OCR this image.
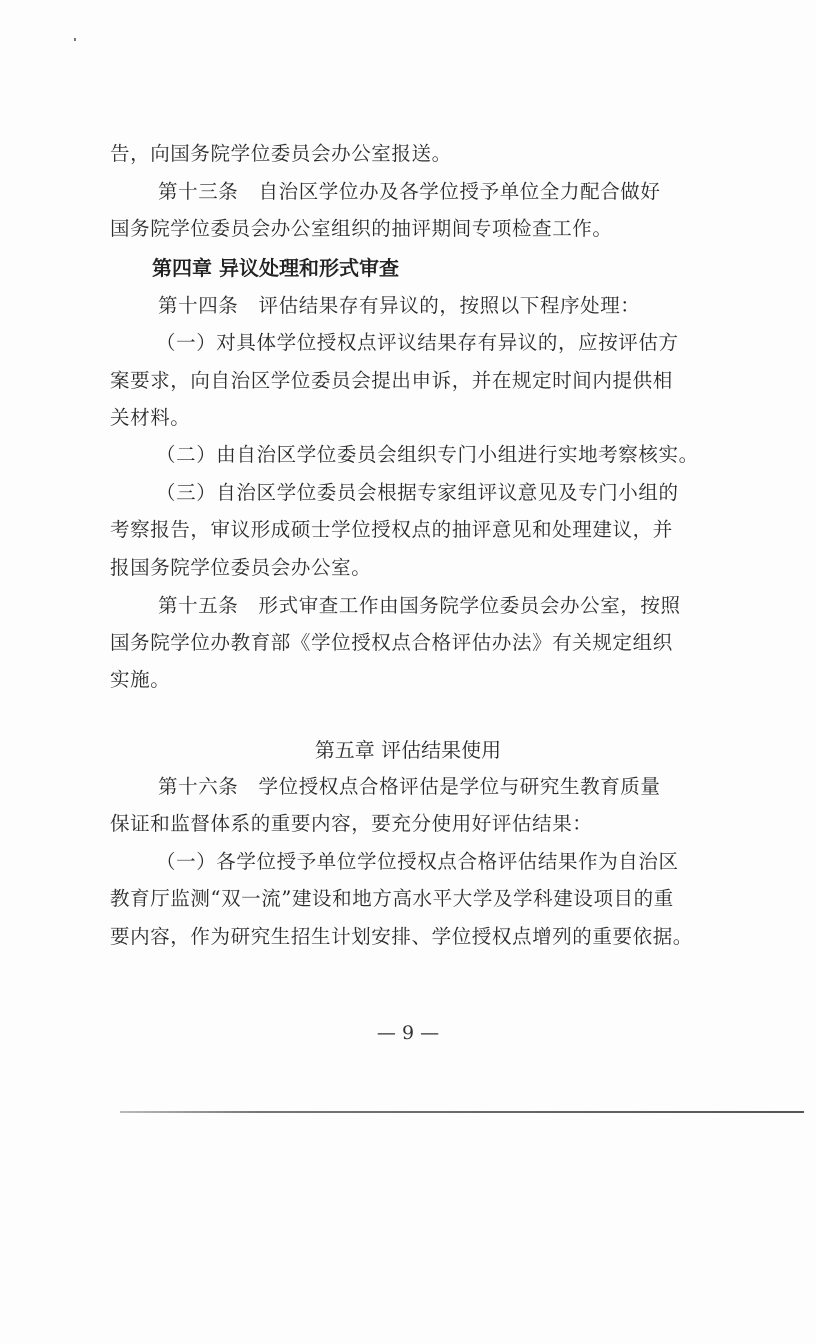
告，向国务院学位委员会办公室报送。
第十三条　自治区学位办及各学位授予单位全力配合做好
国务院学位委员会办公室组织的抽评期间专项检查工作。
第四章 异议处理和形式审查
第十四条　评估结果存有异议的，按照以下程序处理：
（一）对具体学位授权点评议结果存有异议的，应按评估方
案要求，向自治区学位委员会提出申诉，并在规定时间内提供相
关材料。
（二）由自治区学位委员会组织专门小组进行实地考察核实。
（三）自治区学位委员会根据专家组评议意见及专门小组的
考察报告，审议形成硕士学位授权点的抽评意见和处理建议，并
报国务院学位委员会办公室。
第十五条　形式审查工作由国务院学位委员会办公室，按照
国务院学位办教育部《学位授权点合格评估办法》有关规定组织
实施。
第五章 评估结果使用
第十六条　学位授权点合格评估是学位与研究生教育质量
保证和监督体系的重要内容，要充分使用好评估结果：
（一）各学位授予单位学位授权点合格评估结果作为自治区
教育厅监测“双一流”建设和地方高水平大学及学科建设项目的重
要内容，作为研究生招生计划安排、学位授权点增列的重要依据。
— 9 —
